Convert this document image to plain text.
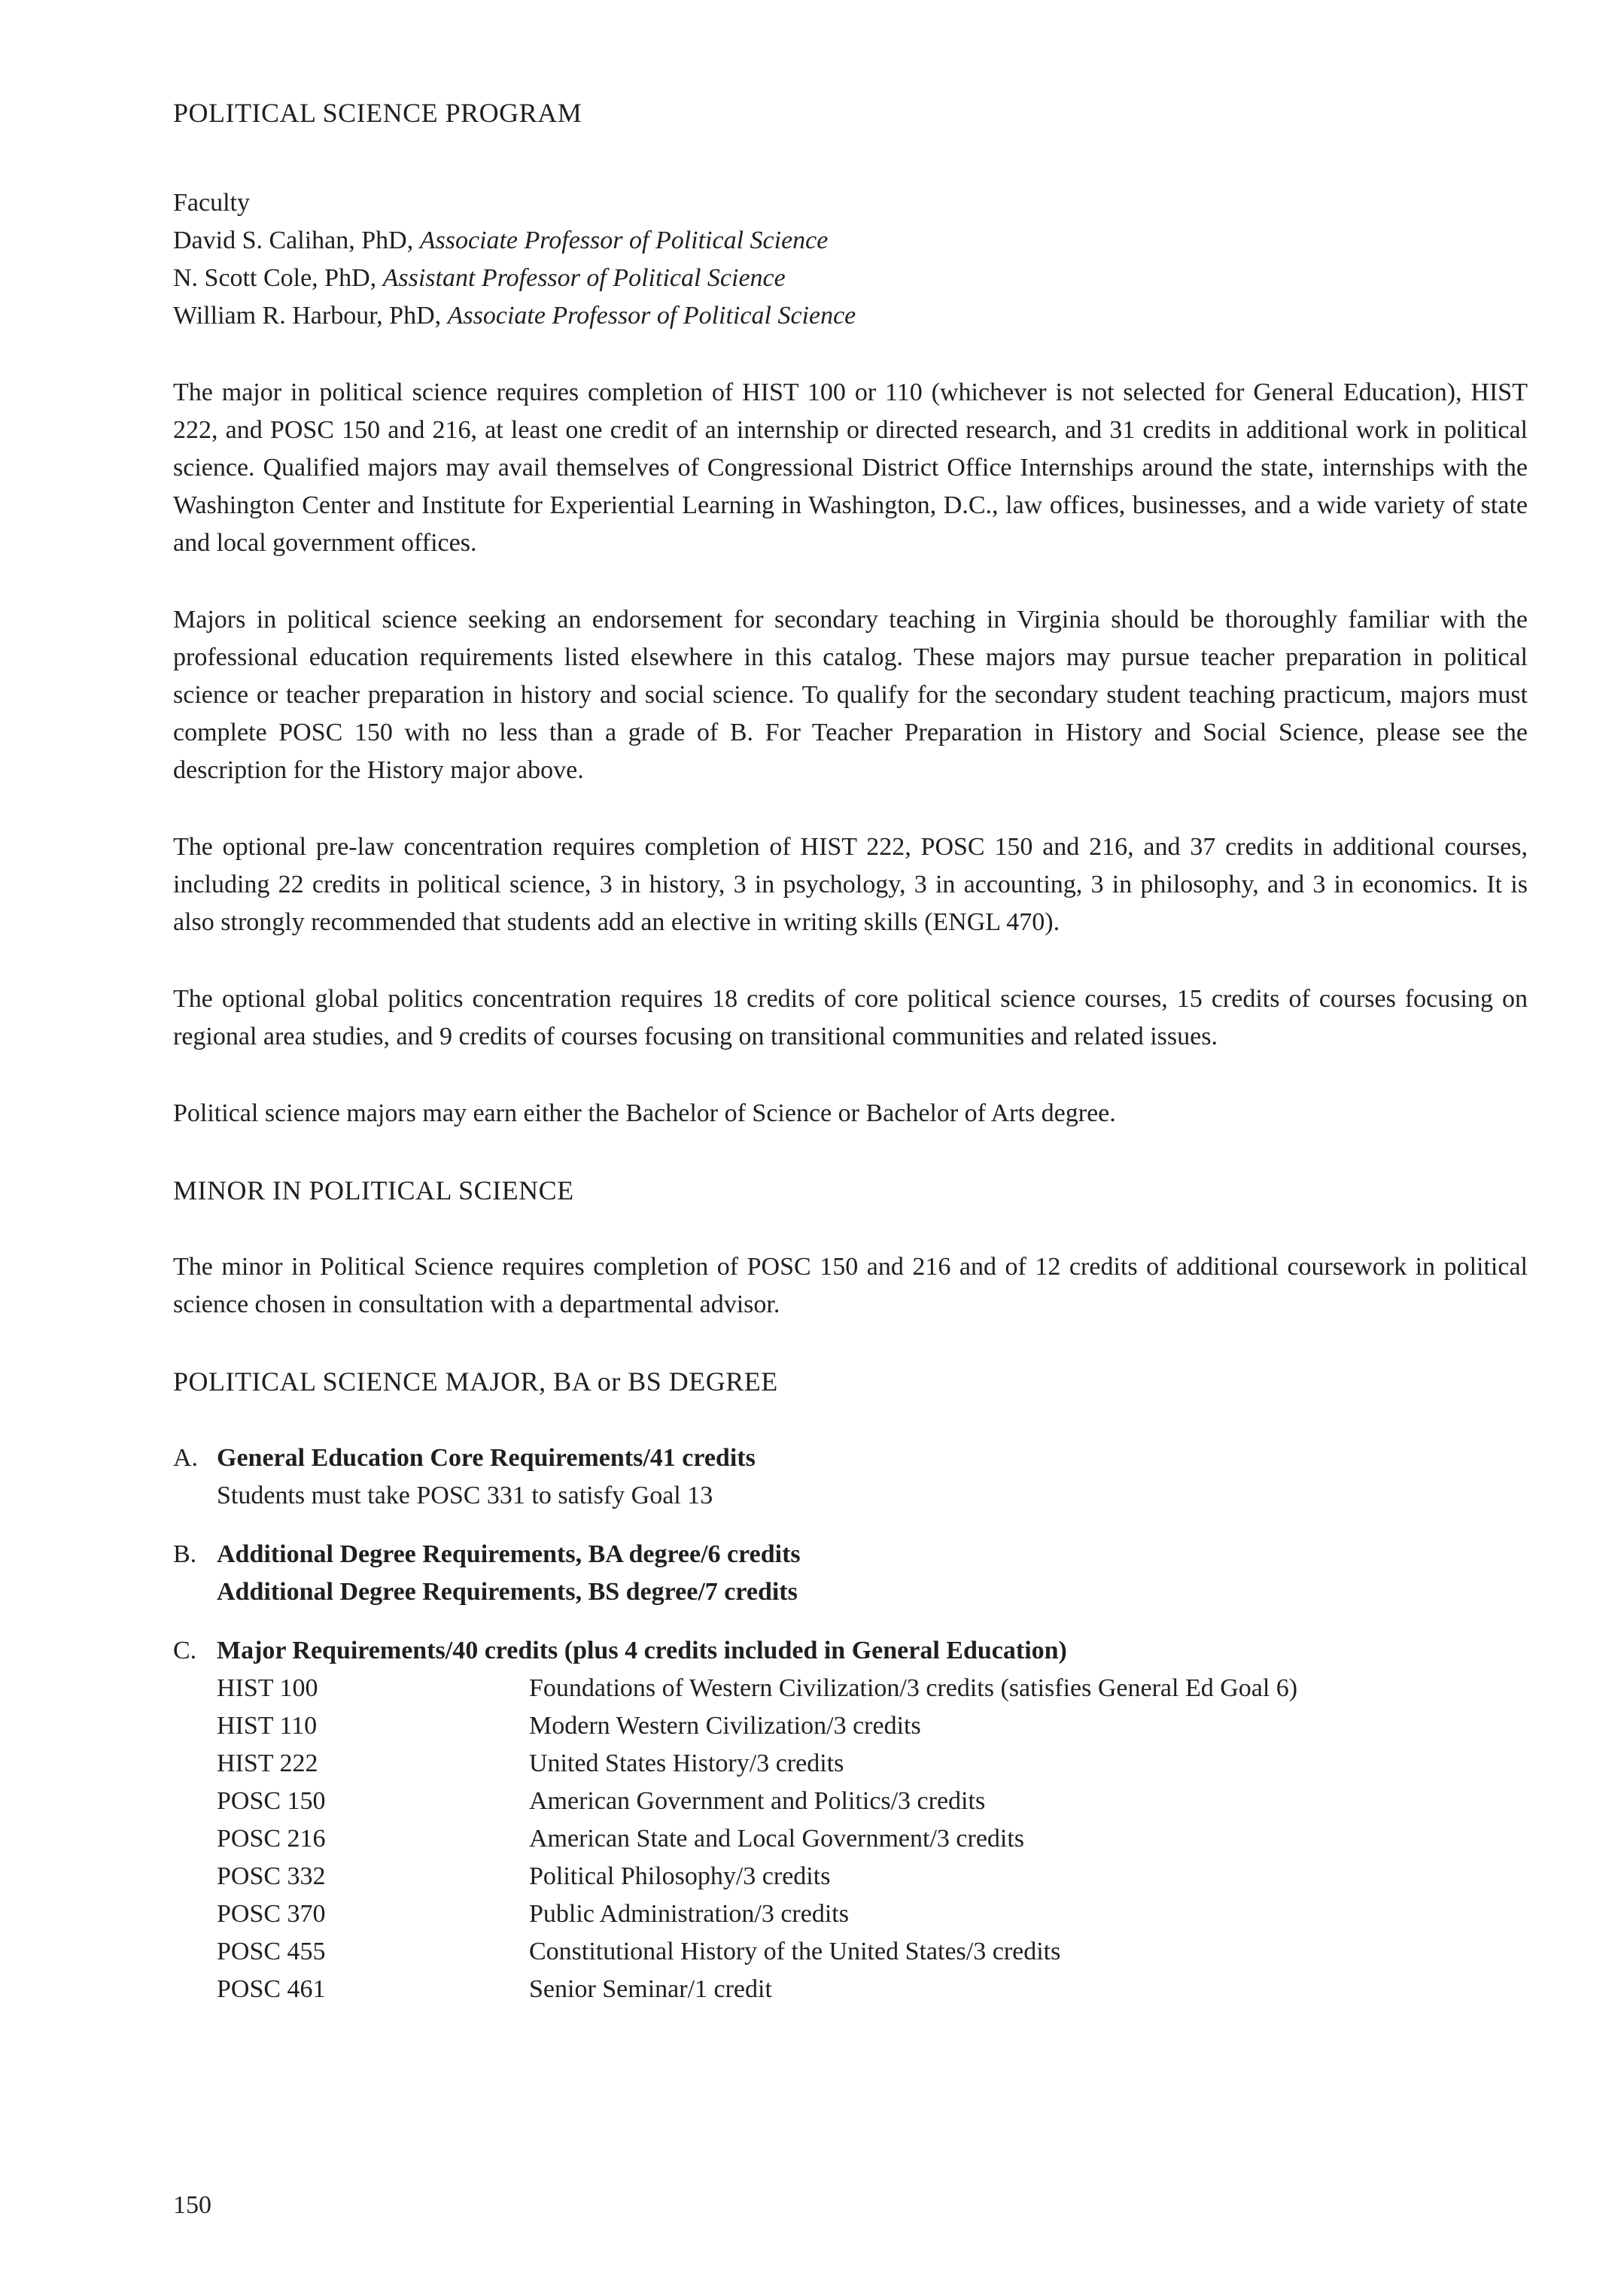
POLITICAL SCIENCE PROGRAM
Faculty

David S. Calihan, PhD, Associate Professor of Political Science

N. Scott Cole, PhD, Assistant Professor of Political Science

William R. Harbour, PhD, Associate Professor of Political Science

The major in political science requires completion of HIST 100 or 110 (whichever is not selected for General Education), HIST 222, and POSC 150 and 216, at least one credit of an internship or directed research, and 31 credits in additional work in political science. Qualified majors may avail themselves of Congressional District Office Internships around the state, internships with the Washington Center and Institute for Experiential Learning in Washington, D.C., law offices, businesses, and a wide variety of state and local government offices.

Majors in political science seeking an endorsement for secondary teaching in Virginia should be thoroughly familiar with the professional education requirements listed elsewhere in this catalog. These majors may pursue teacher preparation in political science or teacher preparation in history and social science. To qualify for the secondary student teaching practicum, majors must complete POSC 150 with no less than a grade of B. For Teacher Preparation in History and Social Science, please see the description for the History major above.

The optional pre-law concentration requires completion of HIST 222, POSC 150 and 216, and 37 credits in additional courses, including 22 credits in political science, 3 in history, 3 in psychology, 3 in accounting, 3 in philosophy, and 3 in economics. It is also strongly recommended that students add an elective in writing skills (ENGL 470).

The optional global politics concentration requires 18 credits of core political science courses, 15 credits of courses focusing on regional area studies, and 9 credits of courses focusing on transitional communities and related issues.

Political science majors may earn either the Bachelor of Science or Bachelor of Arts degree.

MINOR IN POLITICAL SCIENCE

The minor in Political Science requires completion of POSC 150 and 216 and of 12 credits of additional coursework in political science chosen in consultation with a departmental advisor.

POLITICAL SCIENCE MAJOR, BA or BS DEGREE
A. General Education Core Requirements/41 credits

Students must take POSC 331 to satisfy Goal 13

B. Additional Degree Requirements, BA degree/6 credits

Additional Degree Requirements, BS degree/7 credits

C. Major Requirements/40 credits (plus 4 credits included in General Education)

HIST 100	Foundations of Western Civilization/3 credits (satisfies General Ed Goal 6)
HIST 110	Modern Western Civilization/3 credits
HIST 222	United States History/3 credits
POSC 150	American Government and Politics/3 credits
POSC 216	American State and Local Government/3 credits
POSC 332	Political Philosophy/3 credits
POSC 370	Public Administration/3 credits
POSC 455	Constitutional History of the United States/3 credits
POSC 461	Senior Seminar/1 credit
150
